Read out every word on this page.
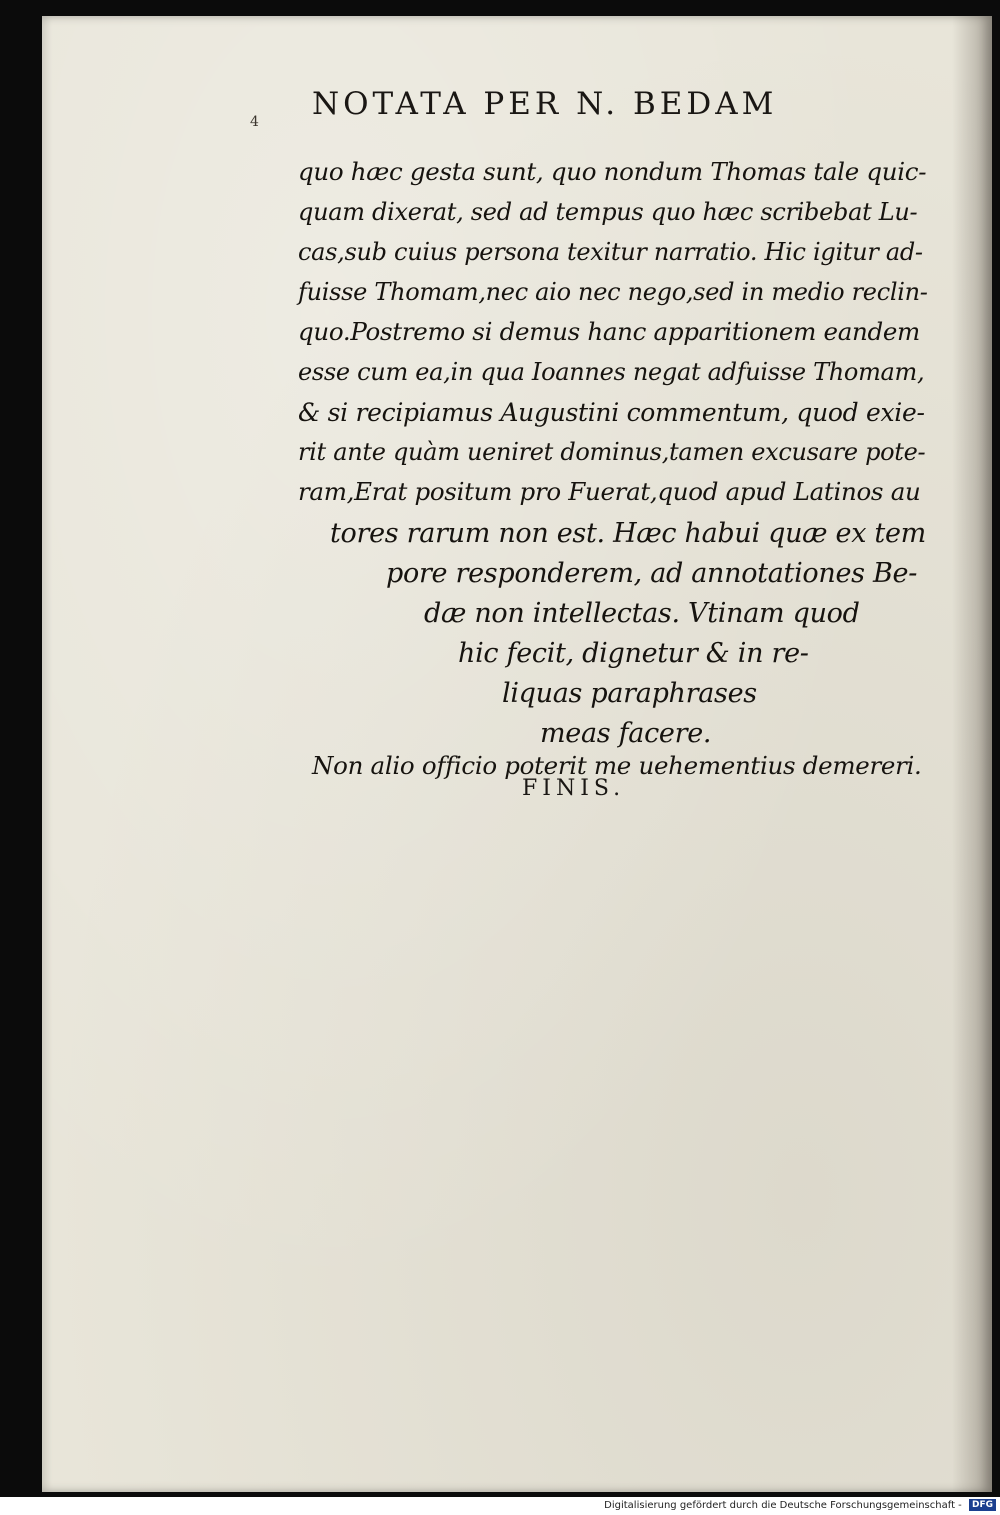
4 NOTATA PER N. BEDAM
quo hæc gesta sunt, quo nondum Thomas tale quic-
quam dixerat, sed ad tempus quo hæc scribebat Lu-
cas,sub cuius persona texitur narratio. Hic igitur ad-
fuisse Thomam,nec aio nec nego,sed in medio reclin-
quo.Postremo si demus hanc apparitionem eandem
esse cum ea,in qua Ioannes negat adfuisse Thomam,
& si recipiamus Augustini commentum, quod exie-
rit ante quàm ueniret dominus,tamen excusare pote-
ram,Erat positum pro Fuerat,quod apud Latinos au
tores rarum non est. Hæc habui quæ ex tem
pore responderem, ad annotationes Be-
dæ non intellectas. Vtinam quod
hic fecit, dignetur & in re-
liquas paraphrases
meas facere.
Non alio officio poterit me uehementius demereri.
FINIS.
Digitalisierung gefördert durch die Deutsche Forschungsgemeinschaft - DFG
